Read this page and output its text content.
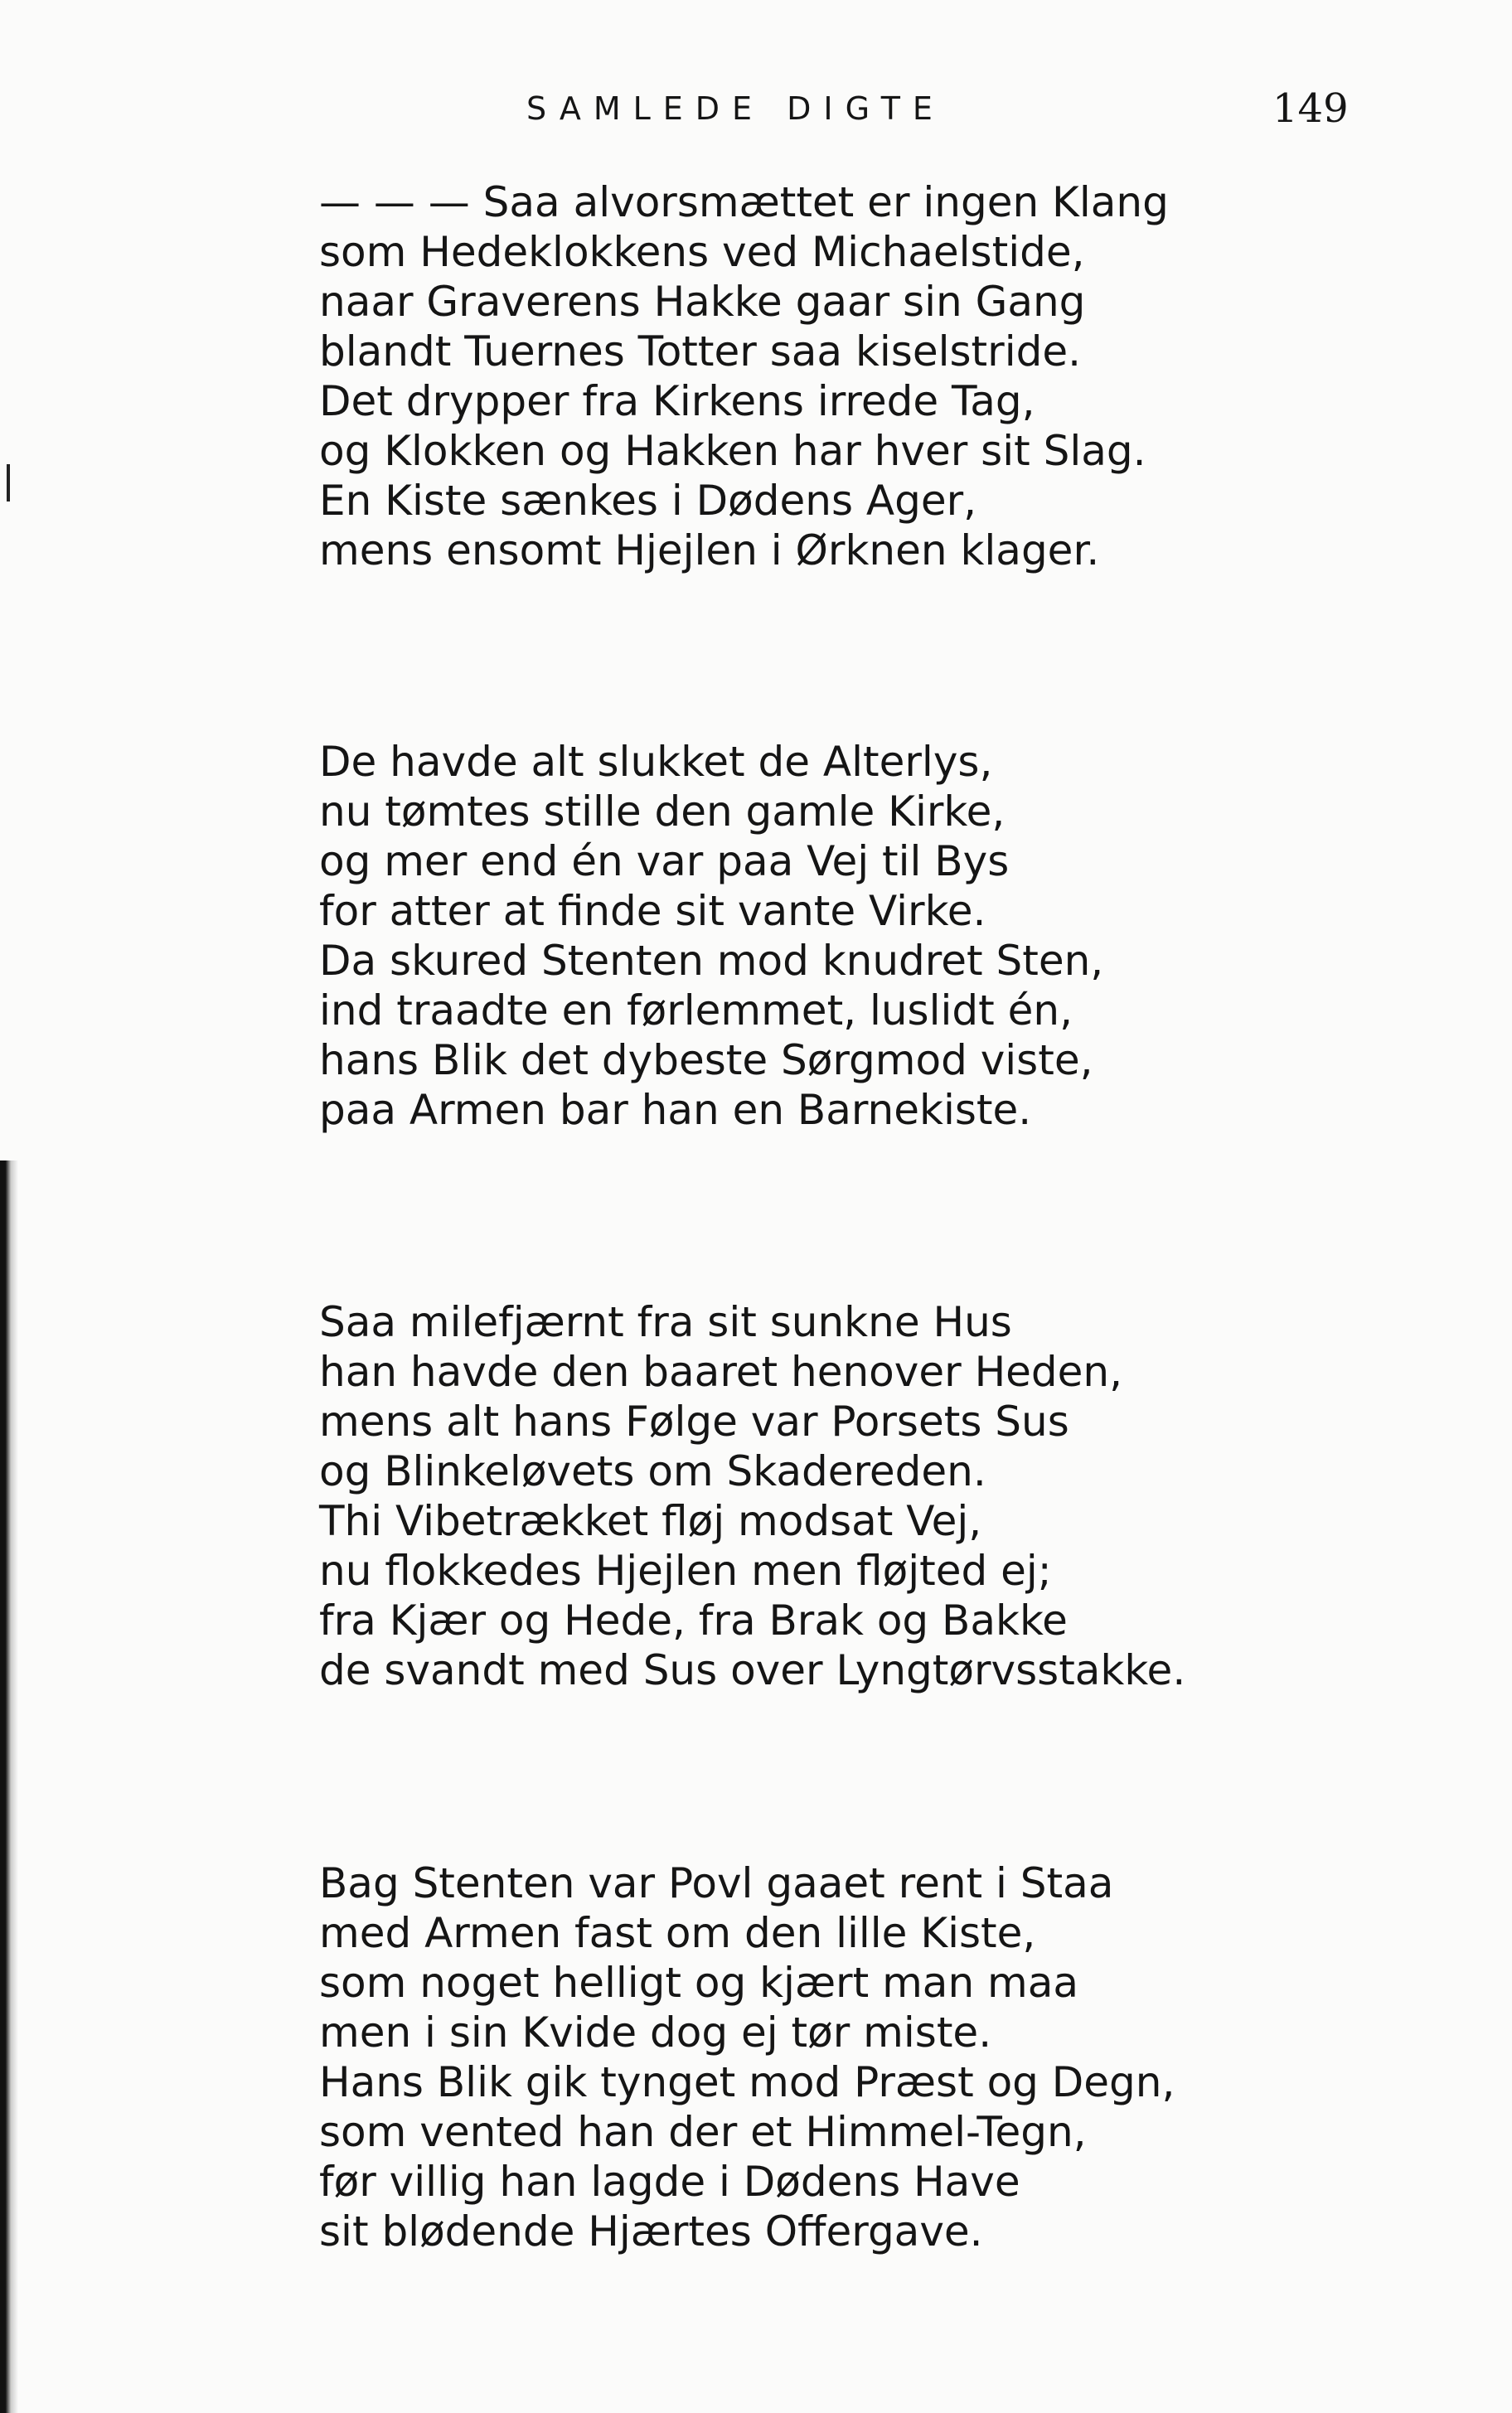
SAMLEDE DIGTE	149
— — — Saa alvorsmættet er ingen Klang
som Hedeklokkens ved Michaelstide,
naar Graverens Hakke gaar sin Gang
blandt Tuernes Totter saa kiselstride.
Det drypper fra Kirkens irrede Tag,
og Klokken og Hakken har hver sit Slag.
En Kiste sænkes i Dødens Ager,
mens ensomt Hjejlen i Ørknen klager.
De havde alt slukket de Alterlys,
nu tømtes stille den gamle Kirke,
og mer end én var paa Vej til Bys
for atter at finde sit vante Virke.
Da skured Stenten mod knudret Sten,
ind traadte en førlemmet, luslidt én,
hans Blik det dybeste Sørgmod viste,
paa Armen bar han en Barnekiste.
Saa milefjærnt fra sit sunkne Hus
han havde den baaret henover Heden,
mens alt hans Følge var Porsets Sus
og Blinkeløvets om Skadereden.
Thi Vibetrækket fløj modsat Vej,
nu flokkedes Hjejlen men fløjted ej;
fra Kjær og Hede, fra Brak og Bakke
de svandt med Sus over Lyngtørvsstakke.
Bag Stenten var Povl gaaet rent i Staa
med Armen fast om den lille Kiste,
som noget helligt og kjært man maa
men i sin Kvide dog ej tør miste.
Hans Blik gik tynget mod Præst og Degn,
som vented han der et Himmel-Tegn,
før villig han lagde i Dødens Have
sit blødende Hjærtes Offergave.
